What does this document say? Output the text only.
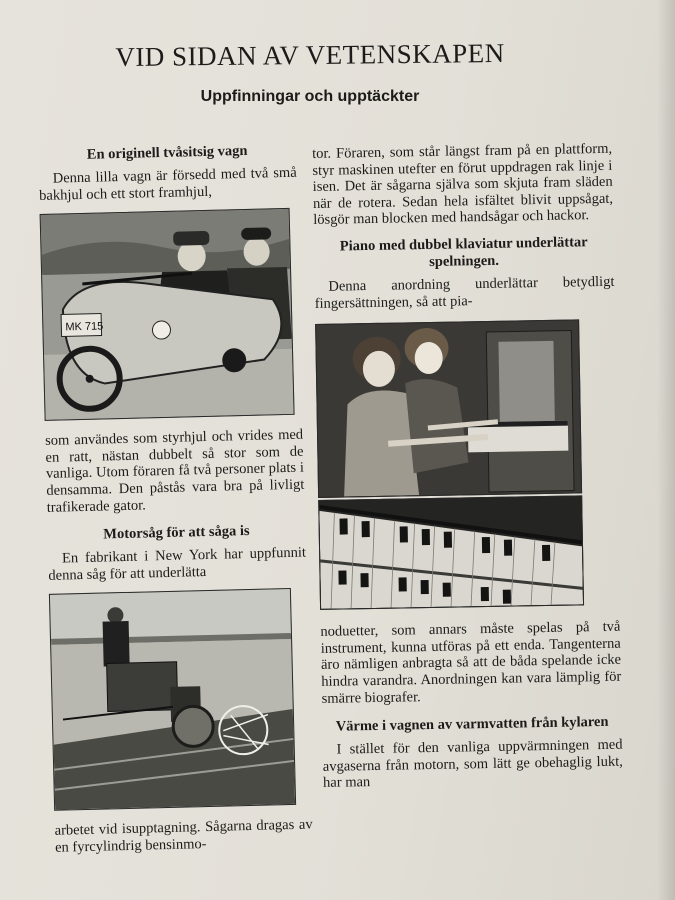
VID SIDAN AV VETENSKAPEN
Uppfinningar och upptäckter
En originell tvåsitsig vagn

Denna lilla vagn är försedd med två små bakhjul och ett stort framhjul,

MK 715

som användes som styrhjul och vrides med en ratt, nästan dubbelt så stor som de vanliga. Utom föraren få två personer plats i densamma. Den påstås vara bra på livligt trafikerade gator.

Motorsåg för att såga is

En fabrikant i New York har uppfunnit denna såg för att underlätta

arbetet vid isupptagning. Sågarna dragas av en fyrcylindrig bensinmo-

tor. Föraren, som står längst fram på en plattform, styr maskinen utefter en förut uppdragen rak linje i isen. Det är sågarna själva som skjuta fram släden när de rotera. Sedan hela isfältet blivit uppsågat, lösgör man blocken med handsågar och hackor.

Piano med dubbel klaviatur underlättar spelningen.

Denna anordning underlättar betydligt fingersättningen, så att pia-

noduetter, som annars måste spelas på två instrument, kunna utföras på ett enda. Tangenterna äro nämligen anbragta så att de båda spelande icke hindra varandra. Anordningen kan vara lämplig för smärre biografer.

Värme i vagnen av varmvatten från kylaren

I stället för den vanliga uppvärmningen med avgaserna från motorn, som lätt ge obehaglig lukt, har man
